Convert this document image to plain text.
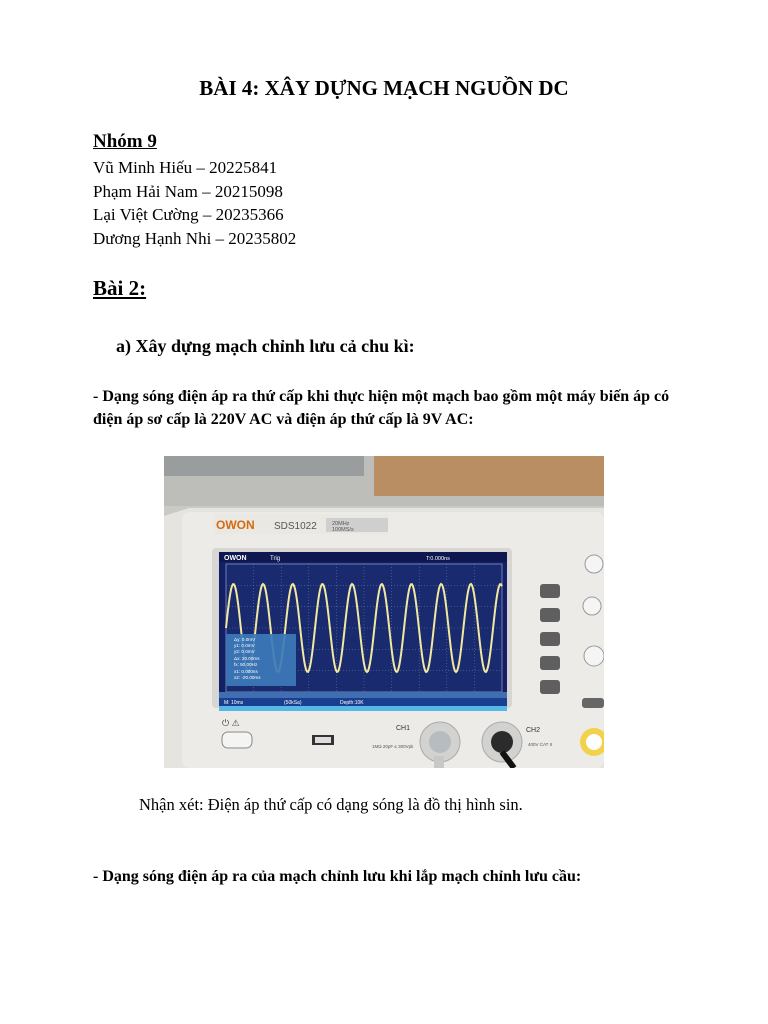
BÀI 4: XÂY DỰNG MẠCH NGUỒN DC
Nhóm 9
Vũ Minh Hiếu – 20225841
Phạm Hải Nam – 20215098
Lại Việt Cường – 20235366
Dương Hạnh Nhi – 20235802
Bài 2:
a) Xây dựng mạch chỉnh lưu cả chu kì:
- Dạng sóng điện áp ra thứ cấp khi thực hiện một mạch bao gồm một máy biến áp có điện áp sơ cấp là 220V AC và điện áp thứ cấp là 9V AC:
OWON SDS1022	20MHz
100MS/s
OWON	Trig	T:0.000ns
Δy: 0.0mV
y1: 0.0mV
y2: 0.0mV
Δx: 20.00ms
fx: 50.00Hz
x1: 0.000ns
x2: -20.00ms
M: 10ms	(50kSa)	Depth:10K
⏻ ⚠
CH1
1MΩ 20pF ≤ 300Vpk
CH2
400V CAT II
Nhận xét: Điện áp thứ cấp có dạng sóng là đồ thị hình sin.
- Dạng sóng điện áp ra của mạch chỉnh lưu khi lắp mạch chỉnh lưu cầu:
